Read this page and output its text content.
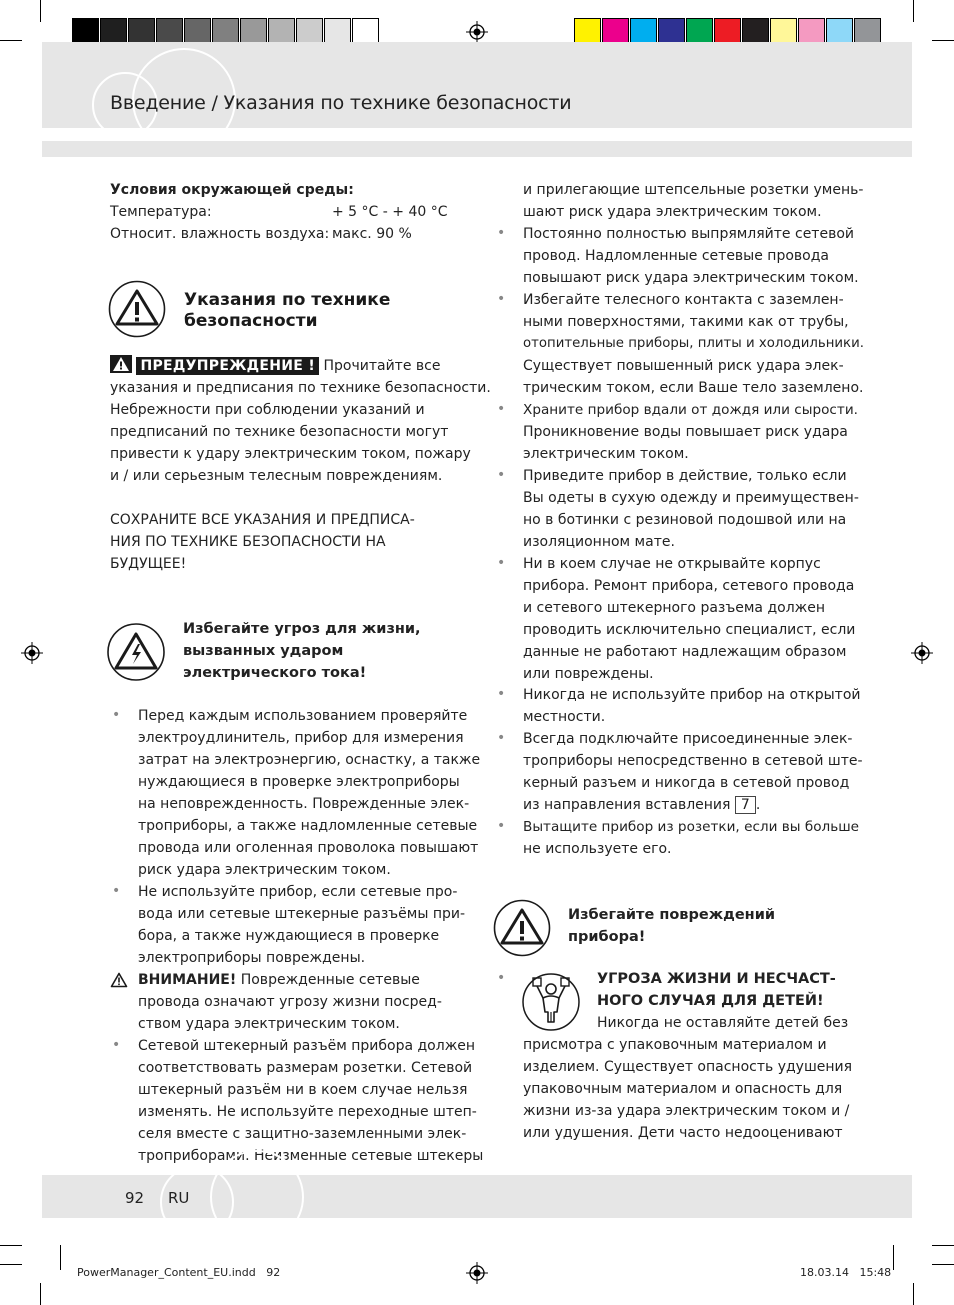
Введение / Указания по технике безопасности
Условия окружающей среды:
Температура:	+ 5 °C - + 40 °C
Относит. влажность воздуха: макс. 90 %
Указания по технике
безопасности
ПРЕДУПРЕЖДЕНИЕ ! Прочитайте все
указания и предписания по технике безопасности.
Небрежности при соблюдении указаний и
предписаний по технике безопасности могут
привести к удару электрическим током, пожару
и / или серьезным телесным повреждениям.
СОХРАНИТЕ ВСЕ УКАЗАНИЯ И ПРЕДПИСА-
НИЯ ПО ТЕХНИКЕ БЕЗОПАСНОСТИ НА
БУДУЩЕЕ!
Избегайте угроз для жизни,
вызванных ударом
электрического тока!
• Перед каждым использованием проверяйте
электроудлинитель, прибор для измерения
затрат на электроэнергию, оснастку, а также
нуждающиеся в проверке электроприборы
на неповрежденность. Поврежденные элек-
троприборы, а также надломленные сетевые
провода или оголенная проволока повышают
риск удара электрическим током.
• Не используйте прибор, если сетевые про-
вода или сетевые штекерные разъёмы при-
бора, а также нуждающиеся в проверке
электроприборы повреждены.
ВНИМАНИЕ! Поврежденные сетевые
провода означают угрозу жизни посред-
ством удара электрическим током.
• Сетевой штекерный разъём прибора должен
соответствовать размерам розетки. Сетевой
штекерный разъём ни в коем случае нельзя
изменять. Не используйте переходные штеп-
селя вместе с защитно-заземленными элек-
троприборами. Неизменные сетевые штекеры
и прилегающие штепсельные розетки умень-
шают риск удара электрическим током.
• Постоянно полностью выпрямляйте сетевой
провод. Надломленные сетевые провода
повышают риск удара электрическим током.
• Избегайте телесного контакта с заземлен-
ными поверхностями, такими как от трубы,
отопительные приборы, плиты и холодильники.
Существует повышенный риск удара элек-
трическим током, если Ваше тело заземлено.
• Храните прибор вдали от дождя или сырости.
Проникновение воды повышает риск удара
электрическим током.
• Приведите прибор в действие, только если
Вы одеты в сухую одежду и преимуществен-
но в ботинки с резиновой подошвой или на
изоляционном мате.
• Ни в коем случае не открывайте корпус
прибора. Ремонт прибора, сетевого провода
и сетевого штекерного разъема должен
проводить исключительно специалист, если
данные не работают надлежащим образом
или повреждены.
• Никогда не используйте прибор на открытой
местности.
• Всегда подключайте присоединенные элек-
троприборы непосредственно в сетевой ште-
керный разъем и никогда в сетевой провод
из направления вставления 7 .
• Вытащите прибор из розетки, если вы больше
не используете его.
Избегайте повреждений
прибора!
•	УГРОЗА ЖИЗНИ И НЕСЧАСТ-
НОГО СЛУЧАЯ ДЛЯ ДЕТЕЙ!
Никогда не оставляйте детей без
присмотра с упаковочным материалом и
изделием. Существует опасность удушения
упаковочным материалом и опасность для
жизни из-за удара электрическим током и /
или удушения. Дети часто недооценивают
92 RU
PowerManager_Content_EU.indd   92	18.03.14   15:48
